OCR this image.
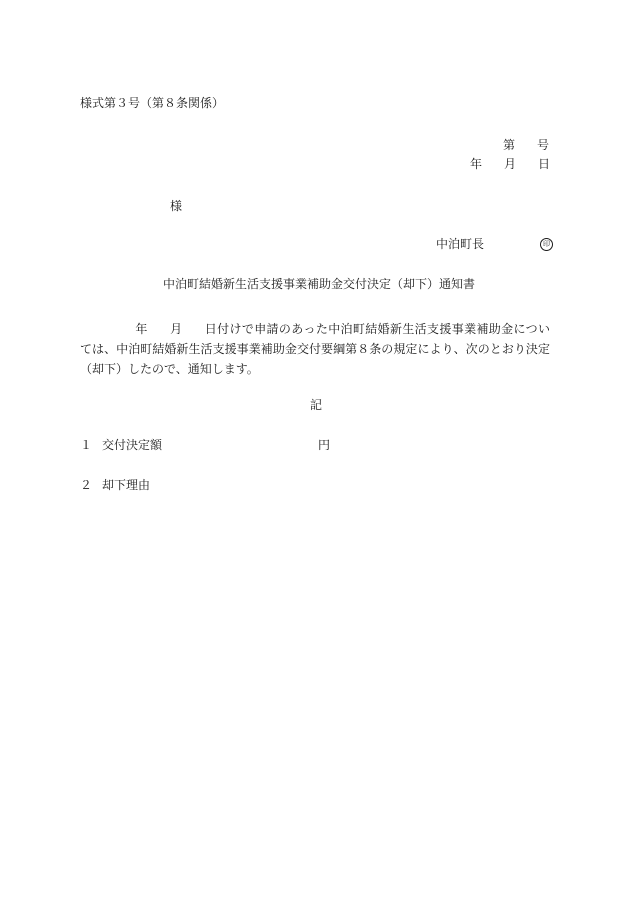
様式第３号（第８条関係）
第 号
年 月 日
様
中泊町長	印
中泊町結婚新生活支援事業補助金交付決定（却下）通知書
年 月 日付けで申請のあった中泊町結婚新生活支援事業補助金については、中泊町結婚新生活支援事業補助金交付要綱第８条の規定により、次のとおり決定（却下）したので、通知します。
記
１ 交付決定額	円
２ 却下理由
